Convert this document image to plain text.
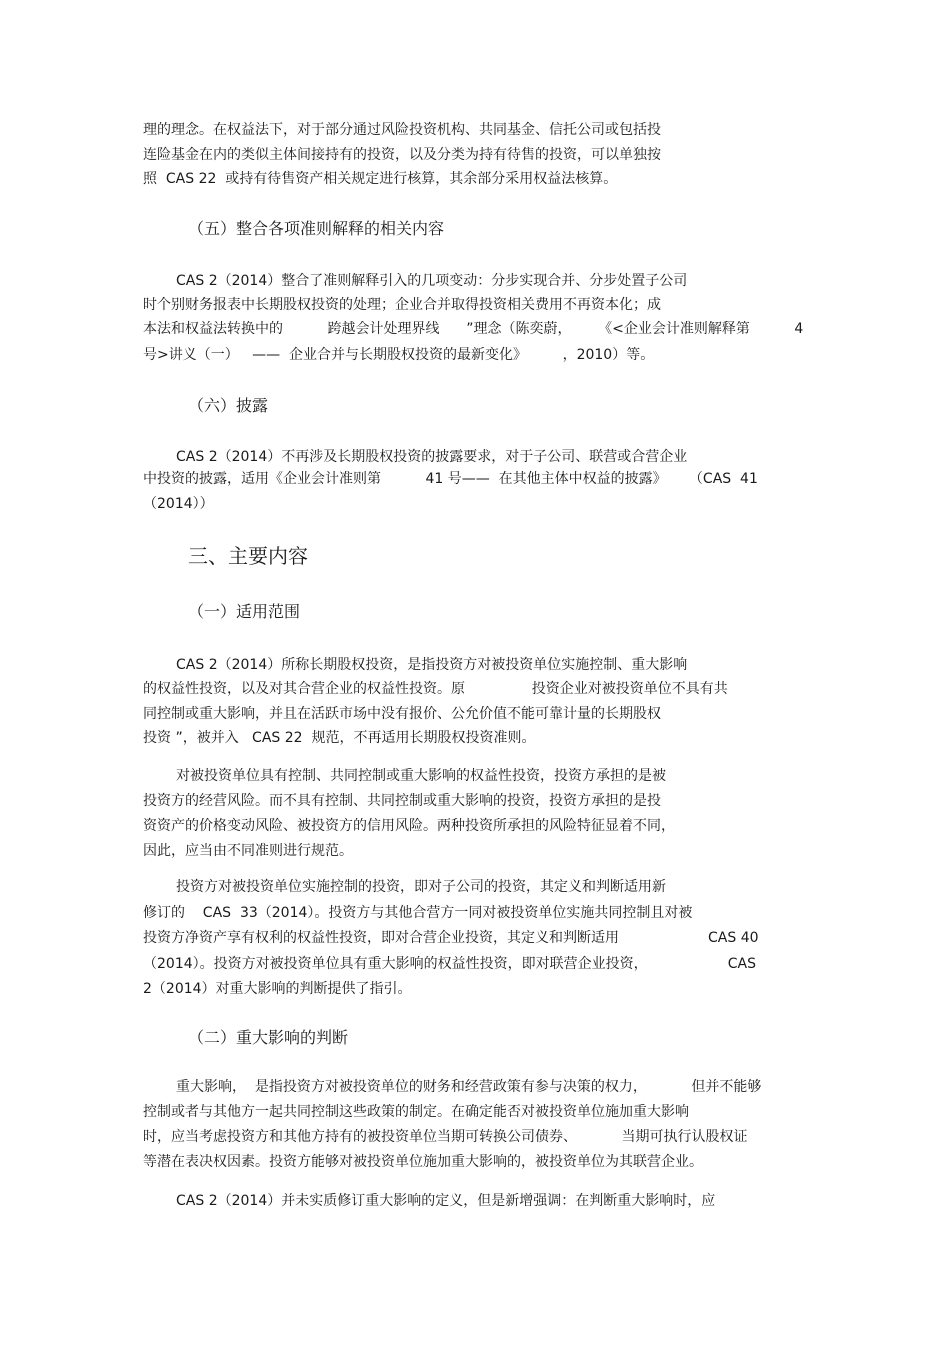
理的理念。在权益法下，对于部分通过风险投资机构、共同基金、信托公司或包括投
连险基金在内的类似主体间接持有的投资，以及分类为持有待售的投资，可以单独按
照  CAS 22  或持有待售资产相关规定进行核算，其余部分采用权益法核算。
（五）整合各项准则解释的相关内容
CAS 2（2014）整合了准则解释引入的几项变动：分步实现合并、分步处置子公司
时个别财务报表中长期股权投资的处理；企业合并取得投资相关费用不再资本化；成
本法和权益法转换中的          跨越会计处理界线      ”理念（陈奕蔚，      《<企业会计准则解释第          4
号>讲义（一）   ——  企业合并与长期股权投资的最新变化》        ，2010）等。
（六）披露
CAS 2（2014）不再涉及长期股权投资的披露要求，对于子公司、联营或合营企业
中投资的披露，适用《企业会计准则第          41 号——  在其他主体中权益的披露》     （CAS  41
（2014））
三、主要内容
（一）适用范围
CAS 2（2014）所称长期股权投资，是指投资方对被投资单位实施控制、重大影响
的权益性投资，以及对其合营企业的权益性投资。原               投资企业对被投资单位不具有共
同控制或重大影响，并且在活跃市场中没有报价、公允价值不能可靠计量的长期股权
投资 ”，被并入   CAS 22  规范，不再适用长期股权投资准则。
对被投资单位具有控制、共同控制或重大影响的权益性投资，投资方承担的是被
投资方的经营风险。而不具有控制、共同控制或重大影响的投资，投资方承担的是投
资资产的价格变动风险、被投资方的信用风险。两种投资所承担的风险特征显着不同，
因此，应当由不同准则进行规范。
投资方对被投资单位实施控制的投资，即对子公司的投资，其定义和判断适用新
修订的    CAS  33（2014）。投资方与其他合营方一同对被投资单位实施共同控制且对被
投资方净资产享有权利的权益性投资，即对合营企业投资，其定义和判断适用                    CAS 40
（2014）。投资方对被投资单位具有重大影响的权益性投资，即对联营企业投资，                  CAS
2（2014）对重大影响的判断提供了指引。
（二）重大影响的判断
重大影响，  是指投资方对被投资单位的财务和经营政策有参与决策的权力，          但并不能够
控制或者与其他方一起共同控制这些政策的制定。在确定能否对被投资单位施加重大影响
时，应当考虑投资方和其他方持有的被投资单位当期可转换公司债券、          当期可执行认股权证
等潜在表决权因素。投资方能够对被投资单位施加重大影响的，被投资单位为其联营企业。
CAS 2（2014）并未实质修订重大影响的定义，但是新增强调：在判断重大影响时，应
